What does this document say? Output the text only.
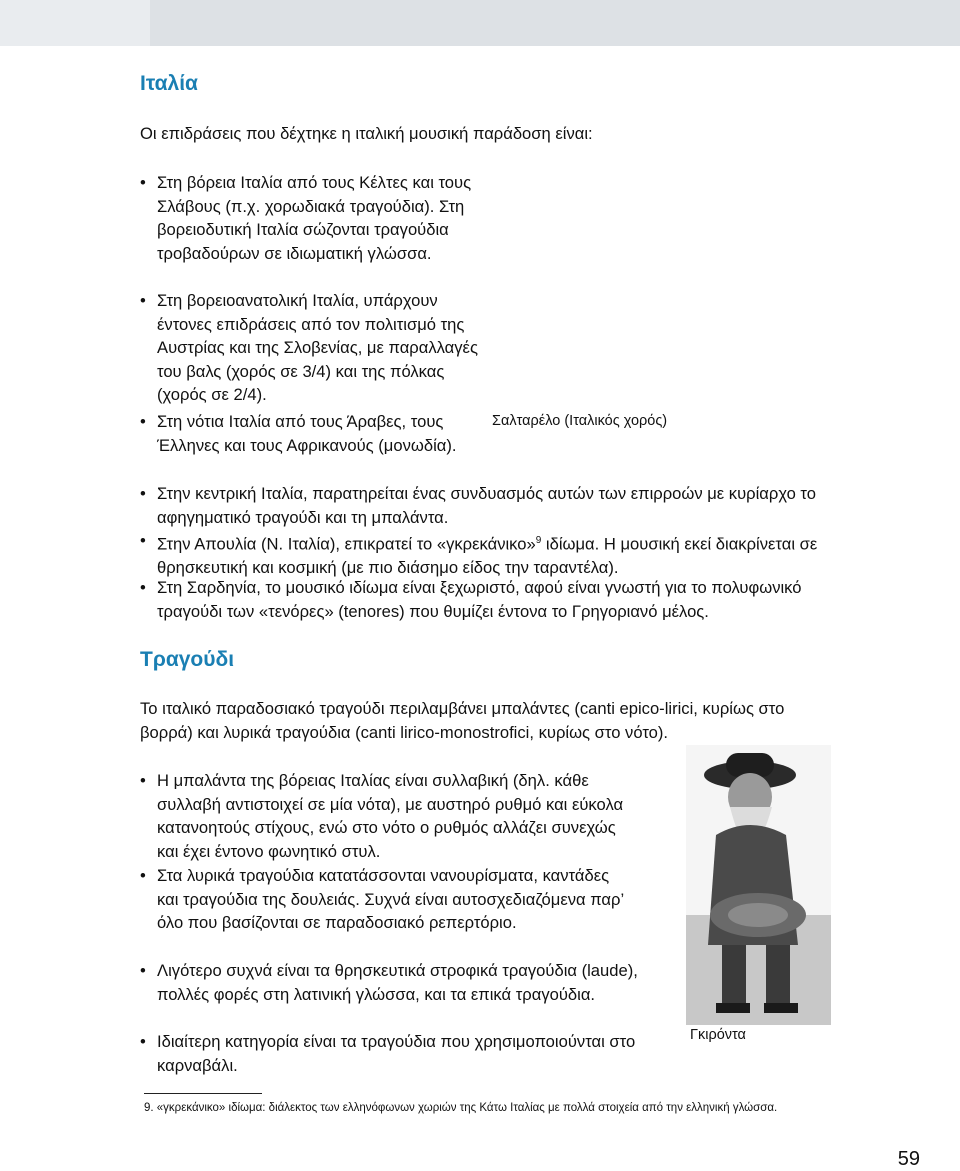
Ιταλία

Οι επιδράσεις που δέχτηκε η ιταλική μουσική παράδοση είναι:

• Στη βόρεια Ιταλία από τους Κέλτες και τους Σλάβους (π.χ. χορωδιακά τραγούδια). Στη βορειοδυτική Ιταλία σώζονται τραγούδια τροβαδούρων σε ιδιωματική γλώσσα.

• Στη βορειοανατολική Ιταλία, υπάρχουν έντονες επιδράσεις από τον πολιτισμό της Αυστρίας και της Σλοβενίας, με παραλλαγές του βαλς (χορός σε 3/4) και της πόλκας (χορός σε 2/4).

• Στη νότια Ιταλία από τους Άραβες, τους Έλληνες και τους Αφρικανούς (μονωδία).

Σαλταρέλο (Ιταλικός χορός)

• Στην κεντρική Ιταλία, παρατηρείται ένας συνδυασμός αυτών των επιρροών με κυρίαρχο το αφηγηματικό τραγούδι και τη μπαλάντα.

• Στην Απουλία (Ν. Ιταλία), επικρατεί το «γκρεκάνικο»$^9$ ιδίωμα. Η μουσική εκεί διακρίνεται σε θρησκευτική και κοσμική (με πιο διάσημο είδος την ταραντέλα).

• Στη Σαρδηνία, το μουσικό ιδίωμα είναι ξεχωριστό, αφού είναι γνωστή για το πολυφωνικό τραγούδι των «τενόρες» (tenores) που θυμίζει έντονα το Γρηγοριανό μέλος.

Τραγούδι

Το ιταλικό παραδοσιακό τραγούδι περιλαμβάνει μπαλάντες (canti epico-lirici, κυρίως στο βορρά) και λυρικά τραγούδια (canti lirico-monostrofici, κυρίως στο νότο).

• Η μπαλάντα της βόρειας Ιταλίας είναι συλλαβική (δηλ. κάθε συλλαβή αντιστοιχεί σε μία νότα), με αυστηρό ρυθμό και εύκολα κατανοητούς στίχους, ενώ στο νότο ο ρυθμός αλλάζει συνεχώς και έχει έντονο φωνητικό στυλ.

• Στα λυρικά τραγούδια κατατάσσονται νανουρίσματα, καντάδες και τραγούδια της δουλειάς. Συχνά είναι αυτοσχεδιαζόμενα παρ’ όλο που βασίζονται σε παραδοσιακό ρεπερτόριο.

• Λιγότερο συχνά είναι τα θρησκευτικά στροφικά τραγούδια (laude), πολλές φορές στη λατινική γλώσσα, και τα επικά τραγούδια.

• Ιδιαίτερη κατηγορία είναι τα τραγούδια που χρησιμοποιούνται στο καρναβάλι.

Γκιρόντα

9. «γκρεκάνικο» ιδίωμα: διάλεκτος των ελληνόφωνων χωριών της Κάτω Ιταλίας με πολλά στοιχεία από την ελληνική γλώσσα.

59
